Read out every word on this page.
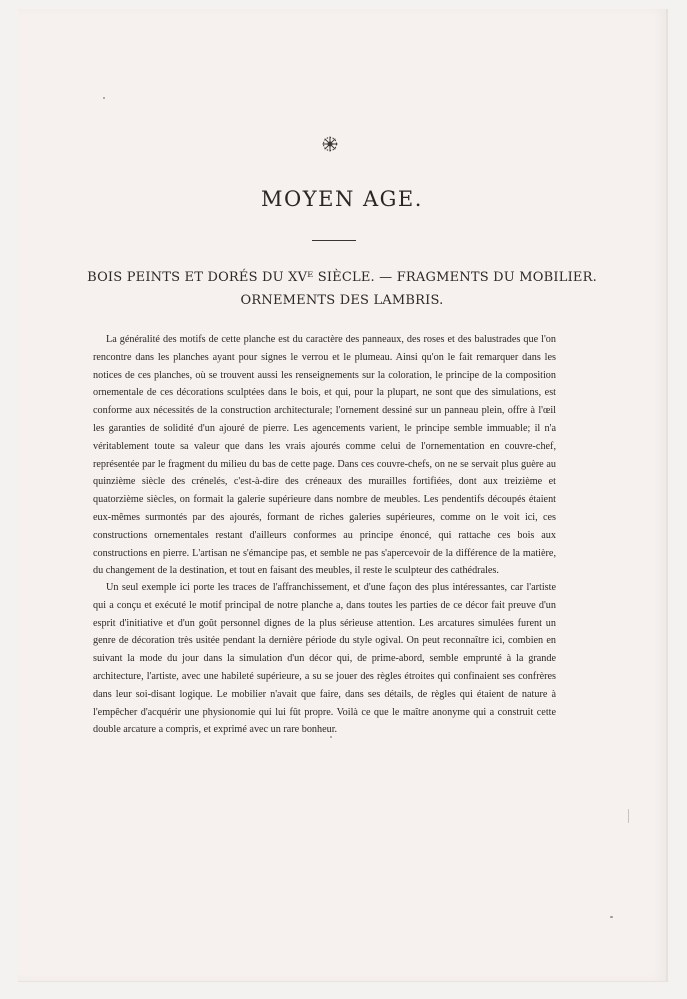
MOYEN AGE.
BOIS PEINTS ET DORÉS DU XVᴱ SIÈCLE. — FRAGMENTS DU MOBILIER.
ORNEMENTS DES LAMBRIS.

La généralité des motifs de cette planche est du caractère des panneaux, des roses et des balustrades que l'on rencontre dans les planches ayant pour signes le verrou et le plumeau. Ainsi qu'on le fait remarquer dans les notices de ces planches, où se trouvent aussi les renseignements sur la coloration, le principe de la composition ornementale de ces décorations sculptées dans le bois, et qui, pour la plupart, ne sont que des simulations, est conforme aux nécessités de la construction architecturale; l'ornement dessiné sur un panneau plein, offre à l'œil les garanties de solidité d'un ajouré de pierre. Les agencements varient, le principe semble immuable; il n'a véritablement toute sa valeur que dans les vrais ajourés comme celui de l'ornementation en couvre-chef, représentée par le fragment du milieu du bas de cette page. Dans ces couvre-chefs, on ne se servait plus guère au quinzième siècle des crénelés, c'est-à-dire des créneaux des murailles fortifiées, dont aux treizième et quatorzième siècles, on formait la galerie supérieure dans nombre de meubles. Les pendentifs découpés étaient eux-mêmes surmontés par des ajourés, formant de riches galeries supérieures, comme on le voit ici, ces constructions ornementales restant d'ailleurs conformes au principe énoncé, qui rattache ces bois aux constructions en pierre. L'artisan ne s'émancipe pas, et semble ne pas s'apercevoir de la différence de la matière, du changement de la destination, et tout en faisant des meubles, il reste le sculpteur des cathédrales.

Un seul exemple ici porte les traces de l'affranchissement, et d'une façon des plus intéressantes, car l'artiste qui a conçu et exécuté le motif principal de notre planche a, dans toutes les parties de ce décor fait preuve d'un esprit d'initiative et d'un goût personnel dignes de la plus sérieuse attention. Les arcatures simulées furent un genre de décoration très usitée pendant la dernière période du style ogival. On peut reconnaître ici, combien en suivant la mode du jour dans la simulation d'un décor qui, de prime-abord, semble emprunté à la grande architecture, l'artiste, avec une habileté supérieure, a su se jouer des règles étroites qui confinaient ses confrères dans leur soi-disant logique. Le mobilier n'avait que faire, dans ses détails, de règles qui étaient de nature à l'empêcher d'acquérir une physionomie qui lui fût propre. Voilà ce que le maître anonyme qui a construit cette double arcature a compris, et exprimé avec un rare bonheur.
